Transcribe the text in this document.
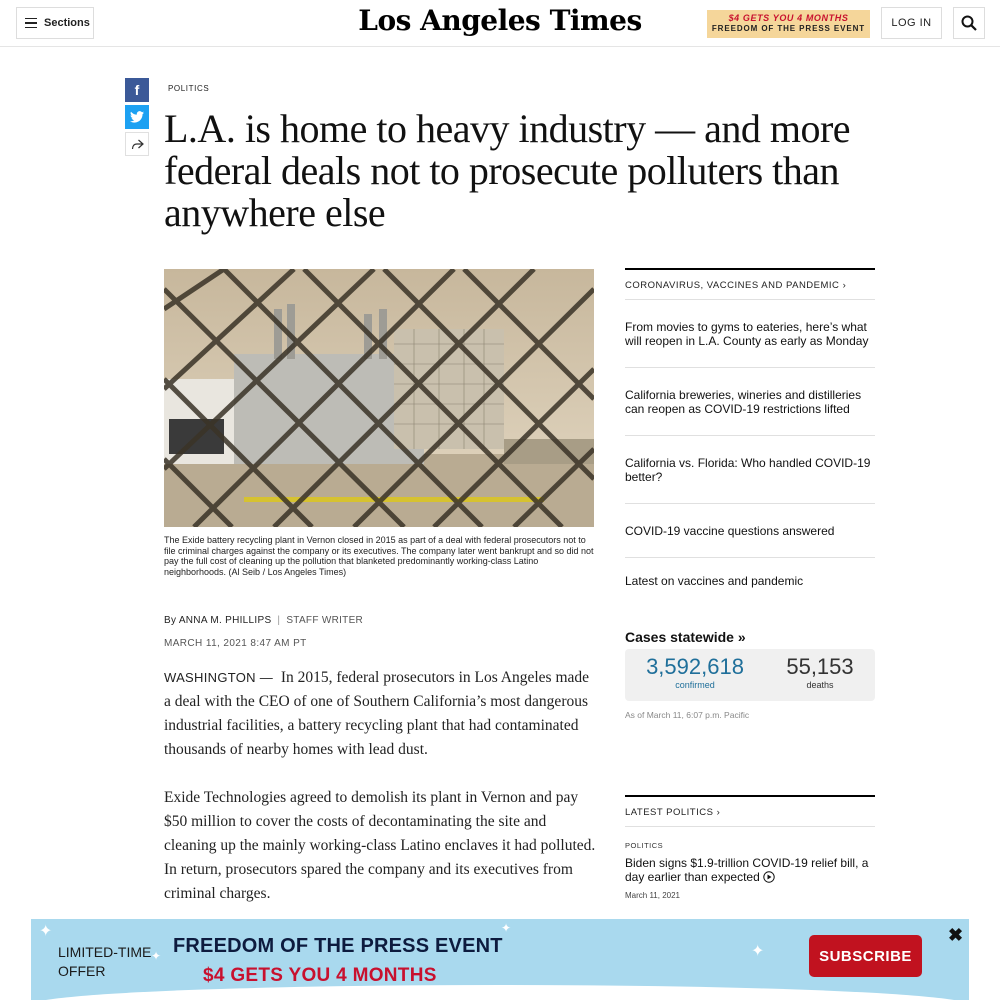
Sections	Los Angeles Times	$4 GETS YOU 4 MONTHS
FREEDOM OF THE PRESS EVENT	LOG IN
f	POLITICS
L.A. is home to heavy industry — and more federal deals not to prosecute polluters than anywhere else

The Exide battery recycling plant in Vernon closed in 2015 as part of a deal with federal prosecutors not to file criminal charges against the company or its executives. The company later went bankrupt and so did not pay the full cost of cleaning up the pollution that blanketed predominantly working-class Latino neighborhoods. (Al Seib / Los Angeles Times)

By ANNA M. PHILLIPS | STAFF WRITER
MARCH 11, 2021 8:47 AM PT

WASHINGTON — In 2015, federal prosecutors in Los Angeles made a deal with the CEO of one of Southern California’s most dangerous industrial facilities, a battery recycling plant that had contaminated thousands of nearby homes with lead dust.

Exide Technologies agreed to demolish its plant in Vernon and pay $50 million to cover the costs of decontaminating the site and cleaning up the mainly working-class Latino enclaves it had polluted. In return, prosecutors spared the company and its executives from criminal charges.

CORONAVIRUS, VACCINES AND PANDEMIC ›
From movies to gyms to eateries, here’s what will reopen in L.A. County as early as Monday
California breweries, wineries and distilleries can reopen as COVID-19 restrictions lifted
California vs. Florida: Who handled COVID-19 better?
COVID-19 vaccine questions answered
Latest on vaccines and pandemic
Cases statewide »
3,592,618
confirmed
55,153
deaths
As of March 11, 6:07 p.m. Pacific
LATEST POLITICS ›
POLITICS
Biden signs $1.9-trillion COVID-19 relief bill, a day earlier than expected
March 11, 2021
✦
✦	✦
✦
LIMITED-TIME
OFFER
FREEDOM OF THE PRESS EVENT
$4 GETS YOU 4 MONTHS
SUBSCRIBE
✖
